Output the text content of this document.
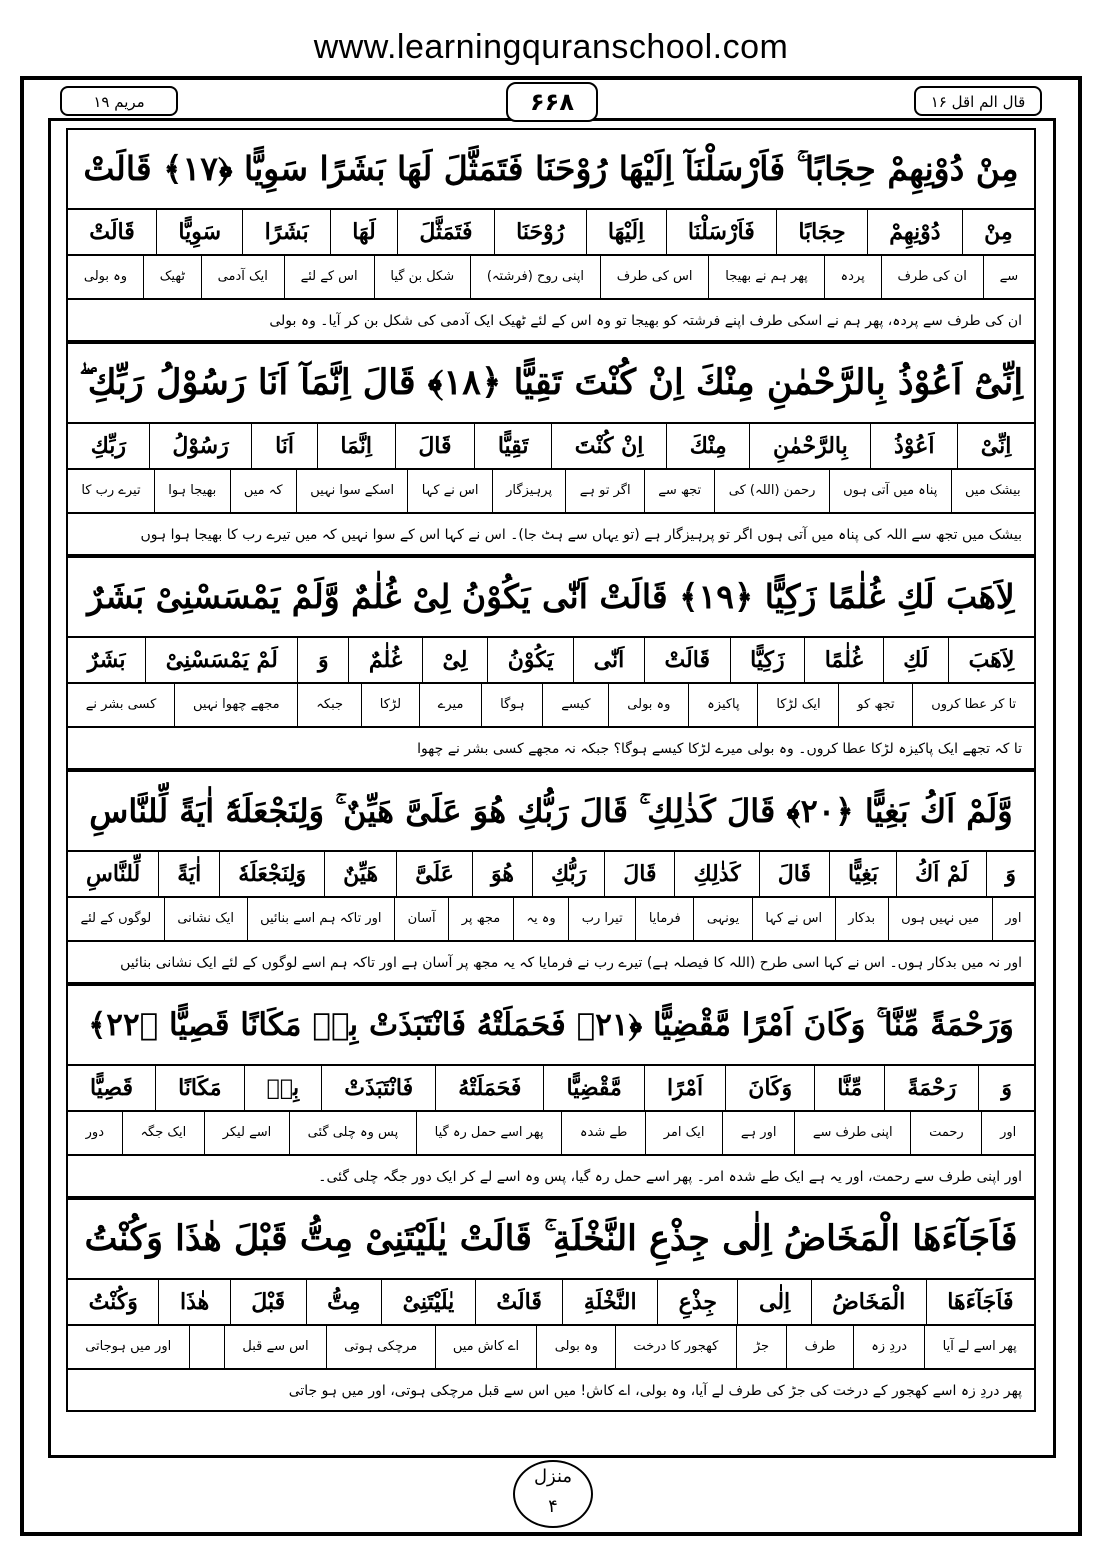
www.learningquranschool.com
مریم ۱۹	۶۶۸	قال الم اقل ۱۶
مِنْ دُوْنِهِمْ حِجَابًا ۚ فَاَرْسَلْنَآ اِلَيْهَا رُوْحَنَا فَتَمَثَّلَ لَهَا بَشَرًا سَوِيًّا ﴿۱۷﴾ قَالَتْ
مِنْ
دُوْنِهِمْ
حِجَابًا
فَاَرْسَلْنَا
اِلَيْهَا
رُوْحَنَا
فَتَمَثَّلَ
لَهَا
بَشَرًا
سَوِيًّا
قَالَتْ
سے
ان کی طرف
پردہ
پھر ہم نے بھیجا
اس کی طرف
اپنی روح (فرشتہ)
شکل بن گیا
اس کے لئے
ایک آدمی
ٹھیک
وہ بولی
ان کی طرف سے پردہ، پھر ہم نے اسکی طرف اپنے فرشتہ کو بھیجا تو وہ اس کے لئے ٹھیک ایک آدمی کی شکل بن کر آیا۔ وہ بولی
اِنِّىْٓ اَعُوْذُ بِالرَّحْمٰنِ مِنْكَ اِنْ كُنْتَ تَقِيًّا ﴿۱۸﴾ قَالَ اِنَّمَآ اَنَا رَسُوْلُ رَبِّكِ ۖ
اِنِّىْ
اَعُوْذُ
بِالرَّحْمٰنِ
مِنْكَ
اِنْ كُنْتَ
تَقِيًّا
قَالَ
اِنَّمَا
اَنَا
رَسُوْلُ
رَبِّكِ
بیشک میں
پناہ میں آتی ہوں
رحمن (اللہ) کی
تجھ سے
اگر تو ہے
پرہیزگار
اس نے کہا
اسکے سوا نہیں
کہ میں
بھیجا ہوا
تیرے رب کا
بیشک میں تجھ سے اللہ کی پناہ میں آتی ہوں اگر تو پرہیزگار ہے (تو یہاں سے ہٹ جا)۔ اس نے کہا اس کے سوا نہیں کہ میں تیرے رب کا بھیجا ہوا ہوں
لِاَهَبَ لَكِ غُلٰمًا زَكِيًّا ﴿۱۹﴾ قَالَتْ اَنّٰى يَكُوْنُ لِىْ غُلٰمٌ وَّلَمْ يَمْسَسْنِىْ بَشَرٌ
لِاَهَبَ
لَكِ
غُلٰمًا
زَكِيًّا
قَالَتْ
اَنّٰى
يَكُوْنُ
لِىْ
غُلٰمٌ
وَ
لَمْ يَمْسَسْنِىْ
بَشَرٌ
تا کر عطا کروں
تجھ کو
ایک لڑکا
پاکیزہ
وہ بولی
کیسے
ہوگا
میرے
لڑکا
جبکہ
مجھے چھوا نہیں
کسی بشر نے
تا کہ تجھے ایک پاکیزہ لڑکا عطا کروں۔ وہ بولی میرے لڑکا کیسے ہوگا؟ جبکہ نہ مجھے کسی بشر نے چھوا
وَّلَمْ اَكُ بَغِيًّا ﴿۲۰﴾ قَالَ كَذٰلِكِ ۚ قَالَ رَبُّكِ هُوَ عَلَىَّ هَيِّنٌ ۚ وَلِنَجْعَلَهٗٓ اٰيَةً لِّلنَّاسِ
وَ
لَمْ اَكُ
بَغِيًّا
قَالَ
كَذٰلِكِ
قَالَ
رَبُّكِ
هُوَ
عَلَىَّ
هَيِّنٌ
وَلِنَجْعَلَهٗ
اٰيَةً
لِّلنَّاسِ
اور
میں نہیں ہوں
بدکار
اس نے کہا
یونہی
فرمایا
تیرا رب
وہ یہ
مجھ پر
آسان
اور تاکہ ہم اسے بنائیں
ایک نشانی
لوگوں کے لئے
اور نہ میں بدکار ہوں۔ اس نے کہا اسی طرح (اللہ کا فیصلہ ہے) تیرے رب نے فرمایا کہ یہ مجھ پر آسان ہے اور تاکہ ہم اسے لوگوں کے لئے ایک نشانی بنائیں
وَرَحْمَةً مِّنَّا ۚ وَكَانَ اَمْرًا مَّقْضِيًّا ﴿۲۱﴾ فَحَمَلَتْهُ فَانْتَبَذَتْ بِهٖ مَكَانًا قَصِيًّا ﴿۲۲﴾
وَ
رَحْمَةً
مِّنَّا
وَكَانَ
اَمْرًا
مَّقْضِيًّا
فَحَمَلَتْهُ
فَانْتَبَذَتْ
بِهٖ
مَكَانًا
قَصِيًّا
اور
رحمت
اپنی طرف سے
اور ہے
ایک امر
طے شدہ
پھر اسے حمل رہ گیا
پس وہ چلی گئی
اسے لیکر
ایک جگہ
دور
اور اپنی طرف سے رحمت، اور یہ ہے ایک طے شدہ امر۔ پھر اسے حمل رہ گیا، پس وہ اسے لے کر ایک دور جگہ چلی گئی۔
فَاَجَآءَهَا الْمَخَاضُ اِلٰى جِذْعِ النَّخْلَةِ ۚ قَالَتْ يٰلَيْتَنِىْ مِتُّ قَبْلَ هٰذَا وَكُنْتُ
فَاَجَآءَهَا
الْمَخَاضُ
اِلٰى
جِذْعِ
النَّخْلَةِ
قَالَتْ
يٰلَيْتَنِىْ
مِتُّ
قَبْلَ
هٰذَا
وَكُنْتُ
پھر اسے لے آیا
دردِ زہ
طرف
جڑ
کھجور کا درخت
وہ بولی
اے کاش میں
مرچکی ہوتی
اس سے قبل
اور میں ہوجاتی
پھر دردِ زہ اسے کھجور کے درخت کی جڑ کی طرف لے آیا، وہ بولی، اے کاش! میں اس سے قبل مرچکی ہوتی، اور میں ہو جاتی
منزل
۴
